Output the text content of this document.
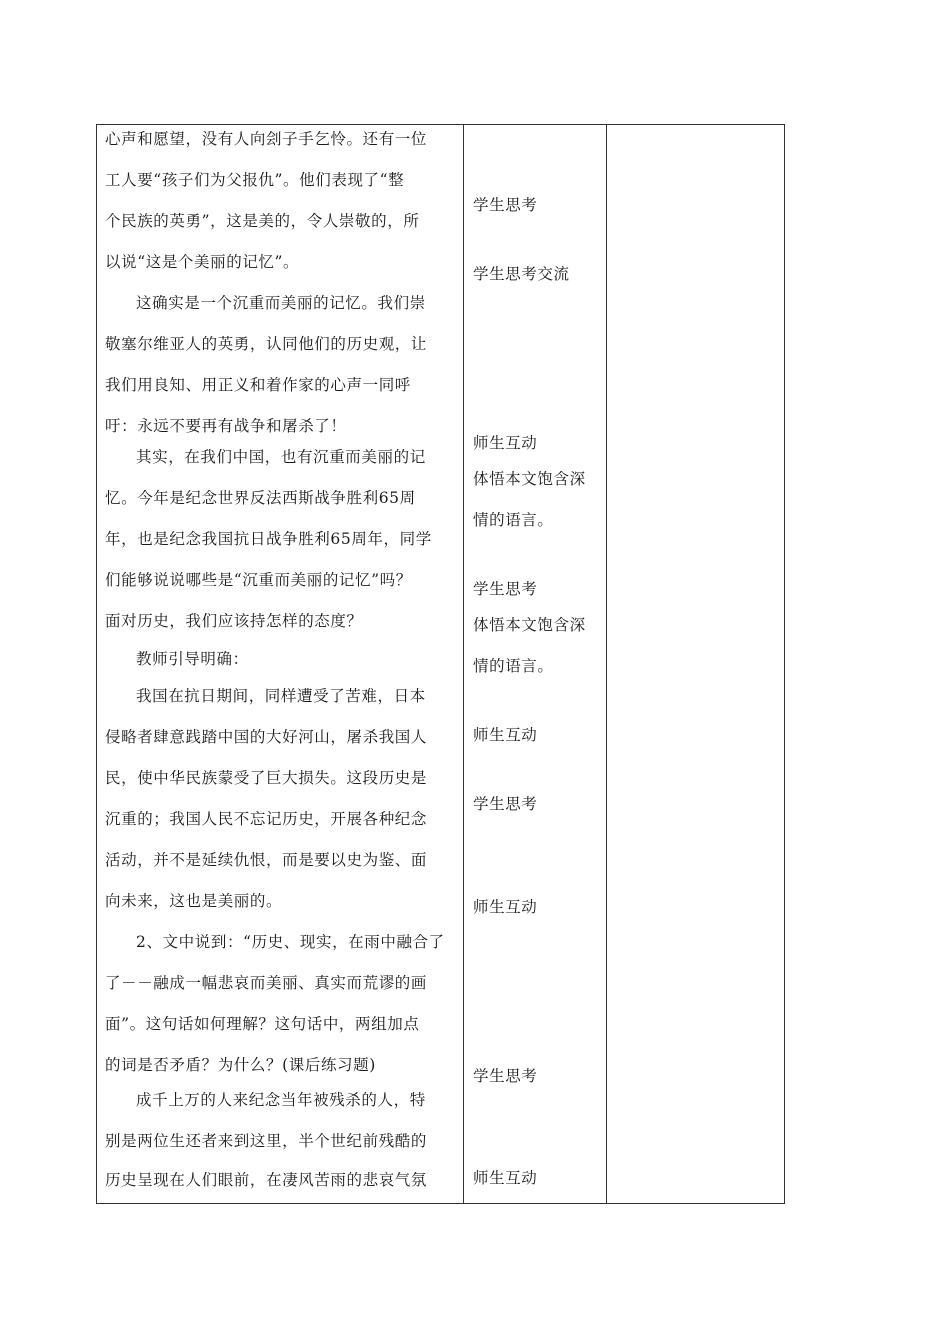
心声和愿望，没有人向刽子手乞怜。还有一位
工人要“孩子们为父报仇”。他们表现了“整
个民族的英勇”，这是美的，令人崇敬的，所
以说“这是个美丽的记忆”。
这确实是一个沉重而美丽的记忆。我们崇
敬塞尔维亚人的英勇，认同他们的历史观，让
我们用良知、用正义和着作家的心声一同呼
吁：永远不要再有战争和屠杀了！
其实，在我们中国，也有沉重而美丽的记
忆。今年是纪念世界反法西斯战争胜利65周
年，也是纪念我国抗日战争胜利65周年，同学
们能够说说哪些是“沉重而美丽的记忆”吗？
面对历史，我们应该持怎样的态度？
教师引导明确：
我国在抗日期间，同样遭受了苦难，日本
侵略者肆意践踏中国的大好河山，屠杀我国人
民，使中华民族蒙受了巨大损失。这段历史是
沉重的；我国人民不忘记历史，开展各种纪念
活动，并不是延续仇恨，而是要以史为鉴、面
向未来，这也是美丽的。
2、文中说到：“历史、现实，在雨中融合了
了－－融成一幅悲哀而美丽、真实而荒谬的画
面”。这句话如何理解？这句话中，两组加点
的词是否矛盾？为什么？(课后练习题)
成千上万的人来纪念当年被残杀的人，特
别是两位生还者来到这里，半个世纪前残酷的
历史呈现在人们眼前，在凄风苦雨的悲哀气氛
学生思考
学生思考交流
师生互动
体悟本文饱含深
情的语言。
学生思考
体悟本文饱含深
情的语言。
师生互动
学生思考
师生互动
学生思考
师生互动
